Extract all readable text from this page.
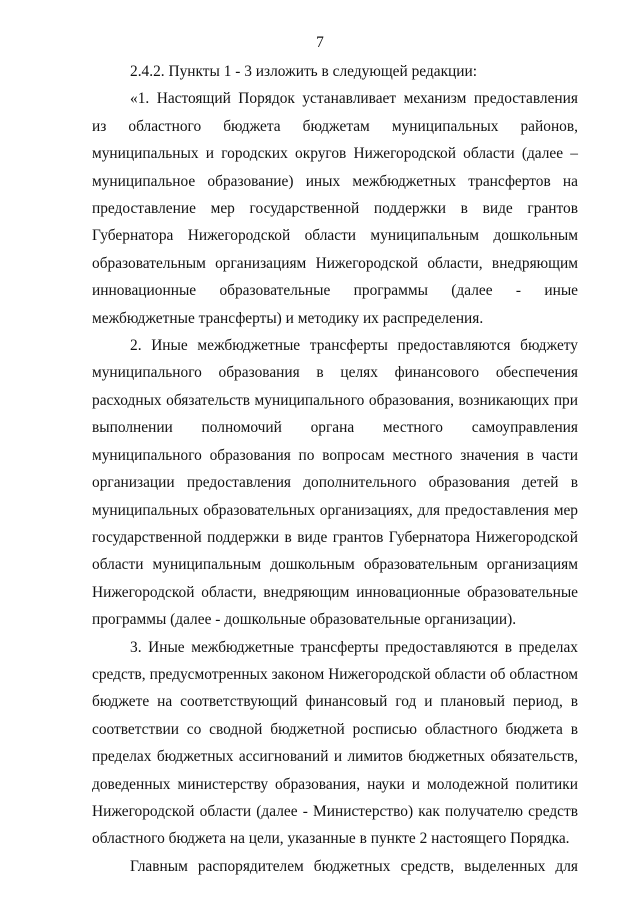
7

2.4.2. Пункты 1 - 3 изложить в следующей редакции:

«1. Настоящий Порядок устанавливает механизм предоставления из областного бюджета бюджетам муниципальных районов, муниципальных и городских округов Нижегородской области (далее – муниципальное образование) иных межбюджетных трансфертов на предоставление мер государственной поддержки в виде грантов Губернатора Нижегородской области муниципальным дошкольным образовательным организациям Нижегородской области, внедряющим инновационные образовательные программы (далее - иные межбюджетные трансферты) и методику их распределения.

2. Иные межбюджетные трансферты предоставляются бюджету муниципального образования в целях финансового обеспечения расходных обязательств муниципального образования, возникающих при выполнении полномочий органа местного самоуправления муниципального образования по вопросам местного значения в части организации предоставления дополнительного образования детей в муниципальных образовательных организациях, для предоставления мер государственной поддержки в виде грантов Губернатора Нижегородской области муниципальным дошкольным образовательным организациям Нижегородской области, внедряющим инновационные образовательные программы (далее - дошкольные образовательные организации).

3. Иные межбюджетные трансферты предоставляются в пределах средств, предусмотренных законом Нижегородской области об областном бюджете на соответствующий финансовый год и плановый период, в соответствии со сводной бюджетной росписью областного бюджета в пределах бюджетных ассигнований и лимитов бюджетных обязательств, доведенных министерству образования, науки и молодежной политики Нижегородской области (далее - Министерство) как получателю средств областного бюджета на цели, указанные в пункте 2 настоящего Порядка.

Главным распорядителем бюджетных средств, выделенных для
